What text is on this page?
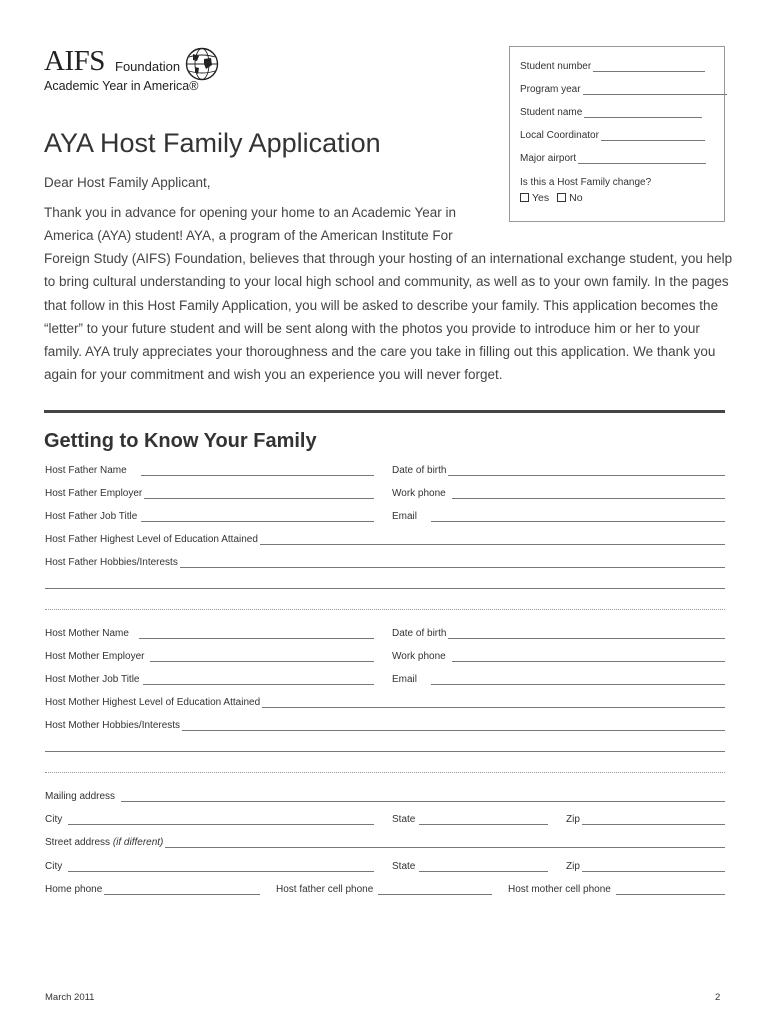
AIFS Foundation
Academic Year in America®
Student number
Program year
Student name
Local Coordinator
Major airport
Is this a Host Family change?
Yes	No
AYA Host Family Application

Dear Host Family Applicant,

Thank you in advance for opening your home to an Academic Year in America (AYA) student! AYA, a program of the American Institute For

Foreign Study (AIFS) Foundation, believes that through your hosting of an international exchange student, you help to bring cultural understanding to your local high school and community, as well as to your own family. In the pages that follow in this Host Family Application, you will be asked to describe your family. This application becomes the “letter” to your future student and will be sent along with the photos you provide to introduce him or her to your family. AYA truly appreciates your thoroughness and the care you take in filling out this application. We thank you again for your commitment and wish you an experience you will never forget.

Getting to Know Your Family
Host Father Name	Date of birth
Host Father Employer	Work phone
Host Father Job Title	Email
Host Father Highest Level of Education Attained
Host Father Hobbies/Interests
Host Mother Name	Date of birth
Host Mother Employer	Work phone
Host Mother Job Title	Email
Host Mother Highest Level of Education Attained
Host Mother Hobbies/Interests
Mailing address
City	State	Zip
Street address (if different)
City	State	Zip
Home phone	Host father cell phone	Host mother cell phone
March 2011	2
